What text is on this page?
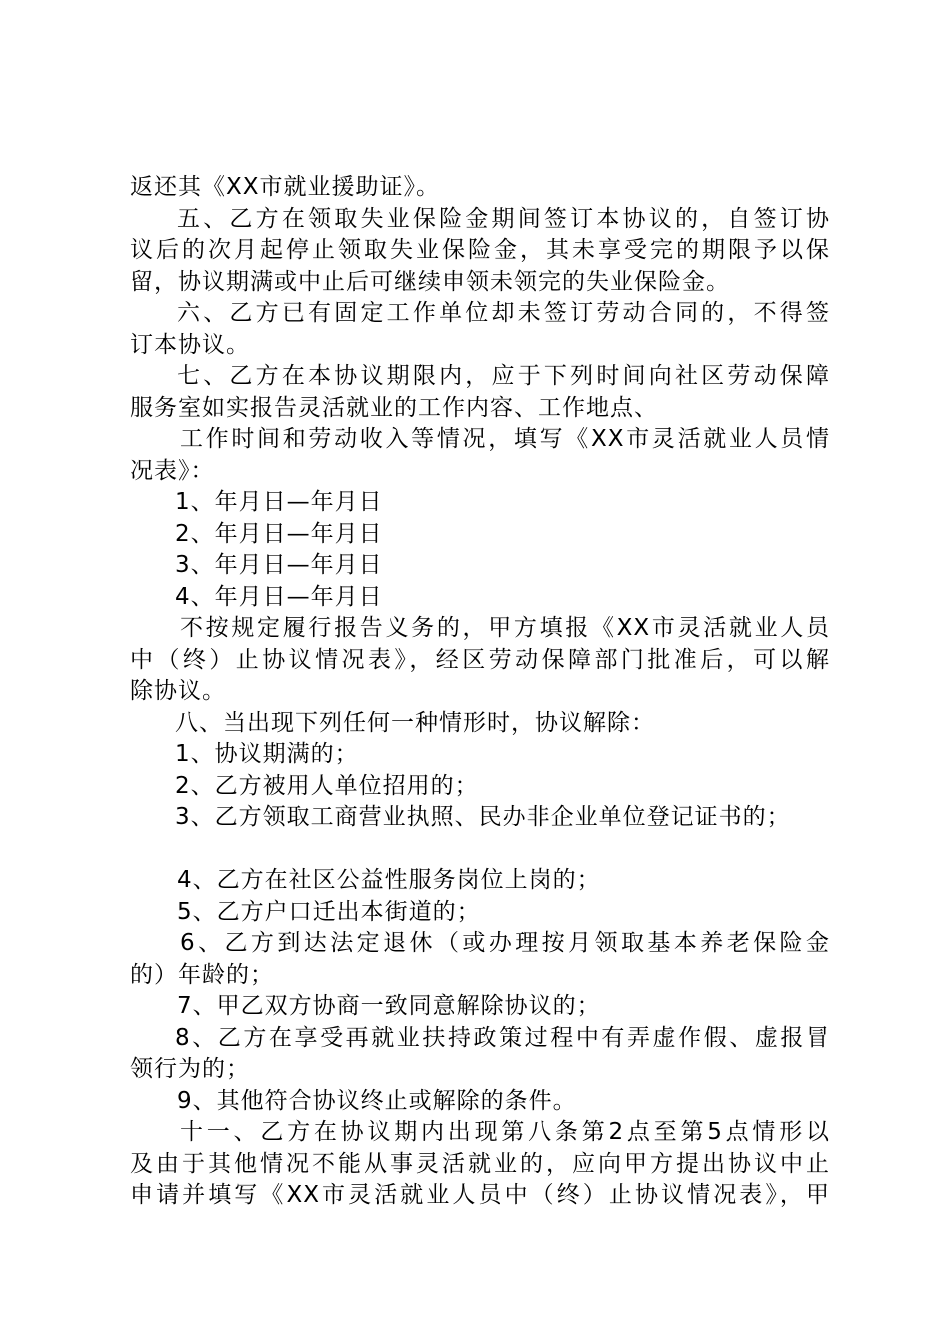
返还其《XX市就业援助证》。
五、乙方在领取失业保险金期间签订本协议的，自签订协
议后的次月起停止领取失业保险金，其未享受完的期限予以保
留，协议期满或中止后可继续申领未领完的失业保险金。
六、乙方已有固定工作单位却未签订劳动合同的，不得签
订本协议。
七、乙方在本协议期限内，应于下列时间向社区劳动保障
服务室如实报告灵活就业的工作内容、工作地点、
工作时间和劳动收入等情况，填写《XX市灵活就业人员情
况表》：
1、年月日—年月日
2、年月日—年月日
3、年月日—年月日
4、年月日—年月日
不按规定履行报告义务的，甲方填报《XX市灵活就业人员
中（终）止协议情况表》，经区劳动保障部门批准后，可以解
除协议。
八、当出现下列任何一种情形时，协议解除：
1、协议期满的；
2、乙方被用人单位招用的；
3、乙方领取工商营业执照、民办非企业单位登记证书的；
4、乙方在社区公益性服务岗位上岗的；
5、乙方户口迁出本街道的；
6、乙方到达法定退休（或办理按月领取基本养老保险金
的）年龄的；
7、甲乙双方协商一致同意解除协议的；
8、乙方在享受再就业扶持政策过程中有弄虚作假、虚报冒
领行为的；
9、其他符合协议终止或解除的条件。
十一、乙方在协议期内出现第八条第2点至第5点情形以
及由于其他情况不能从事灵活就业的，应向甲方提出协议中止
申请并填写《XX市灵活就业人员中（终）止协议情况表》，甲
